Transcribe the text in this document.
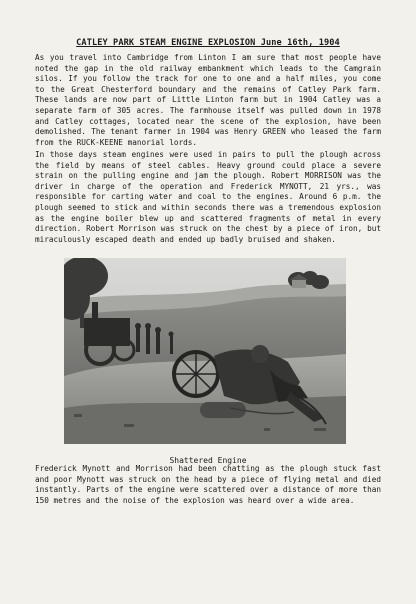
CATLEY PARK STEAM ENGINE EXPLOSION June 16th, 1904

As you travel into Cambridge from Linton I am sure that most people have noted the gap in the old railway embankment which leads to the Camgrain silos. If you follow the track for one to one and a half miles, you come to the Great Chesterford boundary and the remains of Catley Park farm. These lands are now part of Little Linton farm but in 1904 Catley was a separate farm of 305 acres. The farmhouse itself was pulled down in 1978 and Catley cottages, located near the scene of the explosion, have been demolished. The tenant farmer in 1904 was Henry GREEN who leased the farm from the RUCK-KEENE manorial lords.

In those days steam engines were used in pairs to pull the plough across the field by means of steel cables. Heavy ground could place a severe strain on the pulling engine and jam the plough. Robert MORRISON was the driver in charge of the operation and Frederick MYNOTT, 21 yrs., was responsible for carting water and coal to the engines. Around 6 p.m. the plough seemed to stick and within seconds there was a tremendous explosion as the engine boiler blew up and scattered fragments of metal in every direction. Robert Morrison was struck on the chest by a piece of iron, but miraculously escaped death and ended up badly bruised and shaken.

Shattered Engine

Frederick Mynott and Morrison had been chatting as the plough stuck fast and poor Mynott was struck on the head by a piece of flying metal and died instantly. Parts of the engine were scattered over a distance of more than 150 metres and the noise of the explosion was heard over a wide area.
